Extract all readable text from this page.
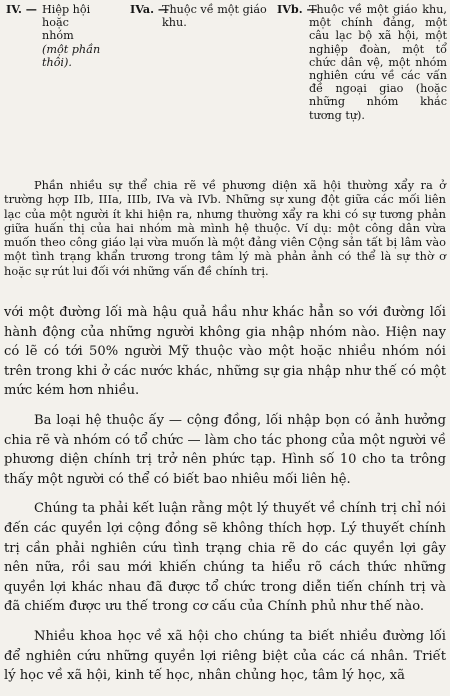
IV. — Hiệp hội hoặc nhóm
(một phần thôi).
IVa. —
Thuộc về một giáo khu.
IVb. —
Thuộc về một giáo khu, một chính đảng, một câu lạc bộ xã hội, một nghiệp đoàn, một tổ chức dân vệ, một nhóm nghiên cứu về các vấn đề ngoại giao (hoặc những nhóm khác tương tự).

Phần nhiều sự thể chia rẽ về phương diện xã hội thường xẩy ra ở trường hợp IIb, IIIa, IIIb, IVa và IVb. Những sự xung đột giữa các mối liên lạc của một người ít khi hiện ra, nhưng thường xẩy ra khi có sự tương phản giữa huấn thị của hai nhóm mà mình hệ thuộc. Ví dụ: một công dân vừa muốn theo công giáo lại vừa muốn là một đảng viên Cộng sản tất bị lâm vào một tình trạng khẩn trương trong tâm lý mà phản ảnh có thể là sự thờ ơ hoặc sự rút lui đối với những vấn đề chính trị.

với một đường lối mà hậu quả hầu như khác hẳn so với đường lối hành động của những người không gia nhập nhóm nào. Hiện nay có lẽ có tới 50% người Mỹ thuộc vào một hoặc nhiều nhóm nói trên trong khi ở các nước khác, những sự gia nhập như thế có một mức kém hơn nhiều.

Ba loại hệ thuộc ấy — cộng đồng, lối nhập bọn có ảnh hưởng chia rẽ và nhóm có tổ chức — làm cho tác phong của một người về phương diện chính trị trở nên phức tạp. Hình số 10 cho ta trông thấy một người có thể có biết bao nhiêu mối liên hệ.

Chúng ta phải kết luận rằng một lý thuyết về chính trị chỉ nói đến các quyền lợi cộng đồng sẽ không thích hợp. Lý thuyết chính trị cần phải nghiên cứu tình trạng chia rẽ do các quyền lợi gây nên nữa, rồi sau mới khiến chúng ta hiểu rõ cách thức những quyền lợi khác nhau đã được tổ chức trong diễn tiến chính trị và đã chiếm được ưu thế trong cơ cấu của Chính phủ như thế nào.

Nhiều khoa học về xã hội cho chúng ta biết nhiều đường lối để nghiên cứu những quyền lợi riêng biệt của các cá nhân. Triết lý học về xã hội, kinh tế học, nhân chủng học, tâm lý học, xã
